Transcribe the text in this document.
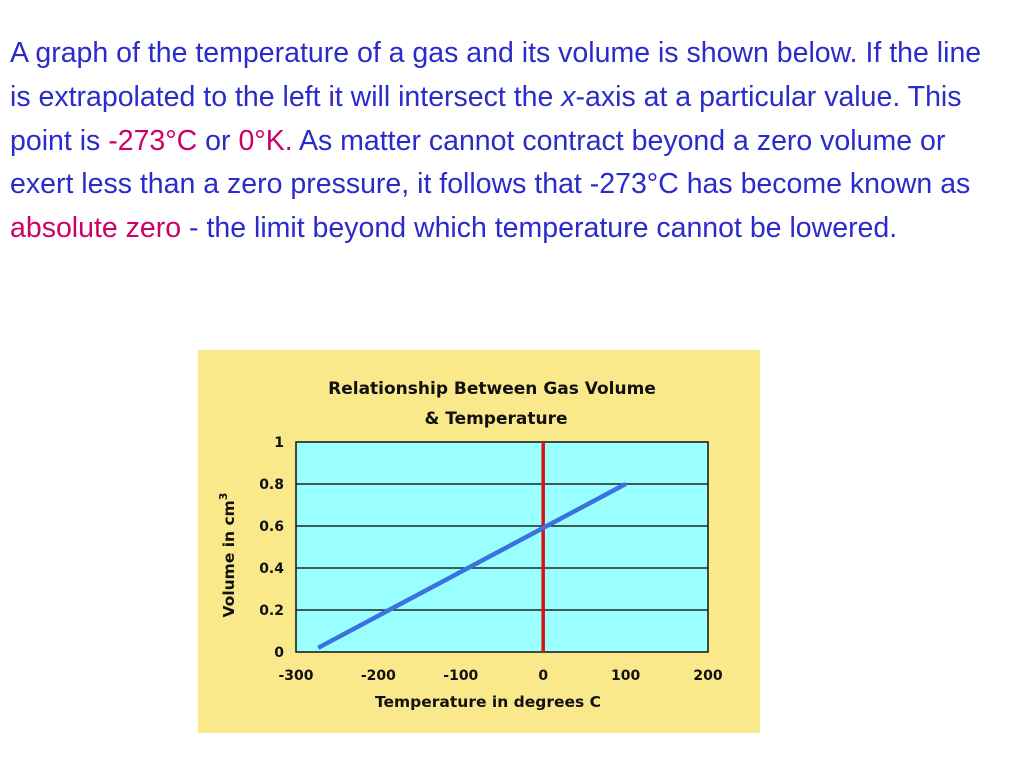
A graph of the temperature of a gas and its volume is shown below. If the line is extrapolated to the left it will intersect the x-axis at a particular value. This point is -273°C or 0°K. As matter cannot contract beyond a zero volume or exert less than a zero pressure, it follows that -273°C has become known as absolute zero - the limit beyond which temperature cannot be lowered.

Relationship Between Gas Volume
& Temperature
-300	-200	-100	0	100	200
0
0.2
0.4
0.6
0.8
1
Temperature in degrees C
Volume in $cm^3$
